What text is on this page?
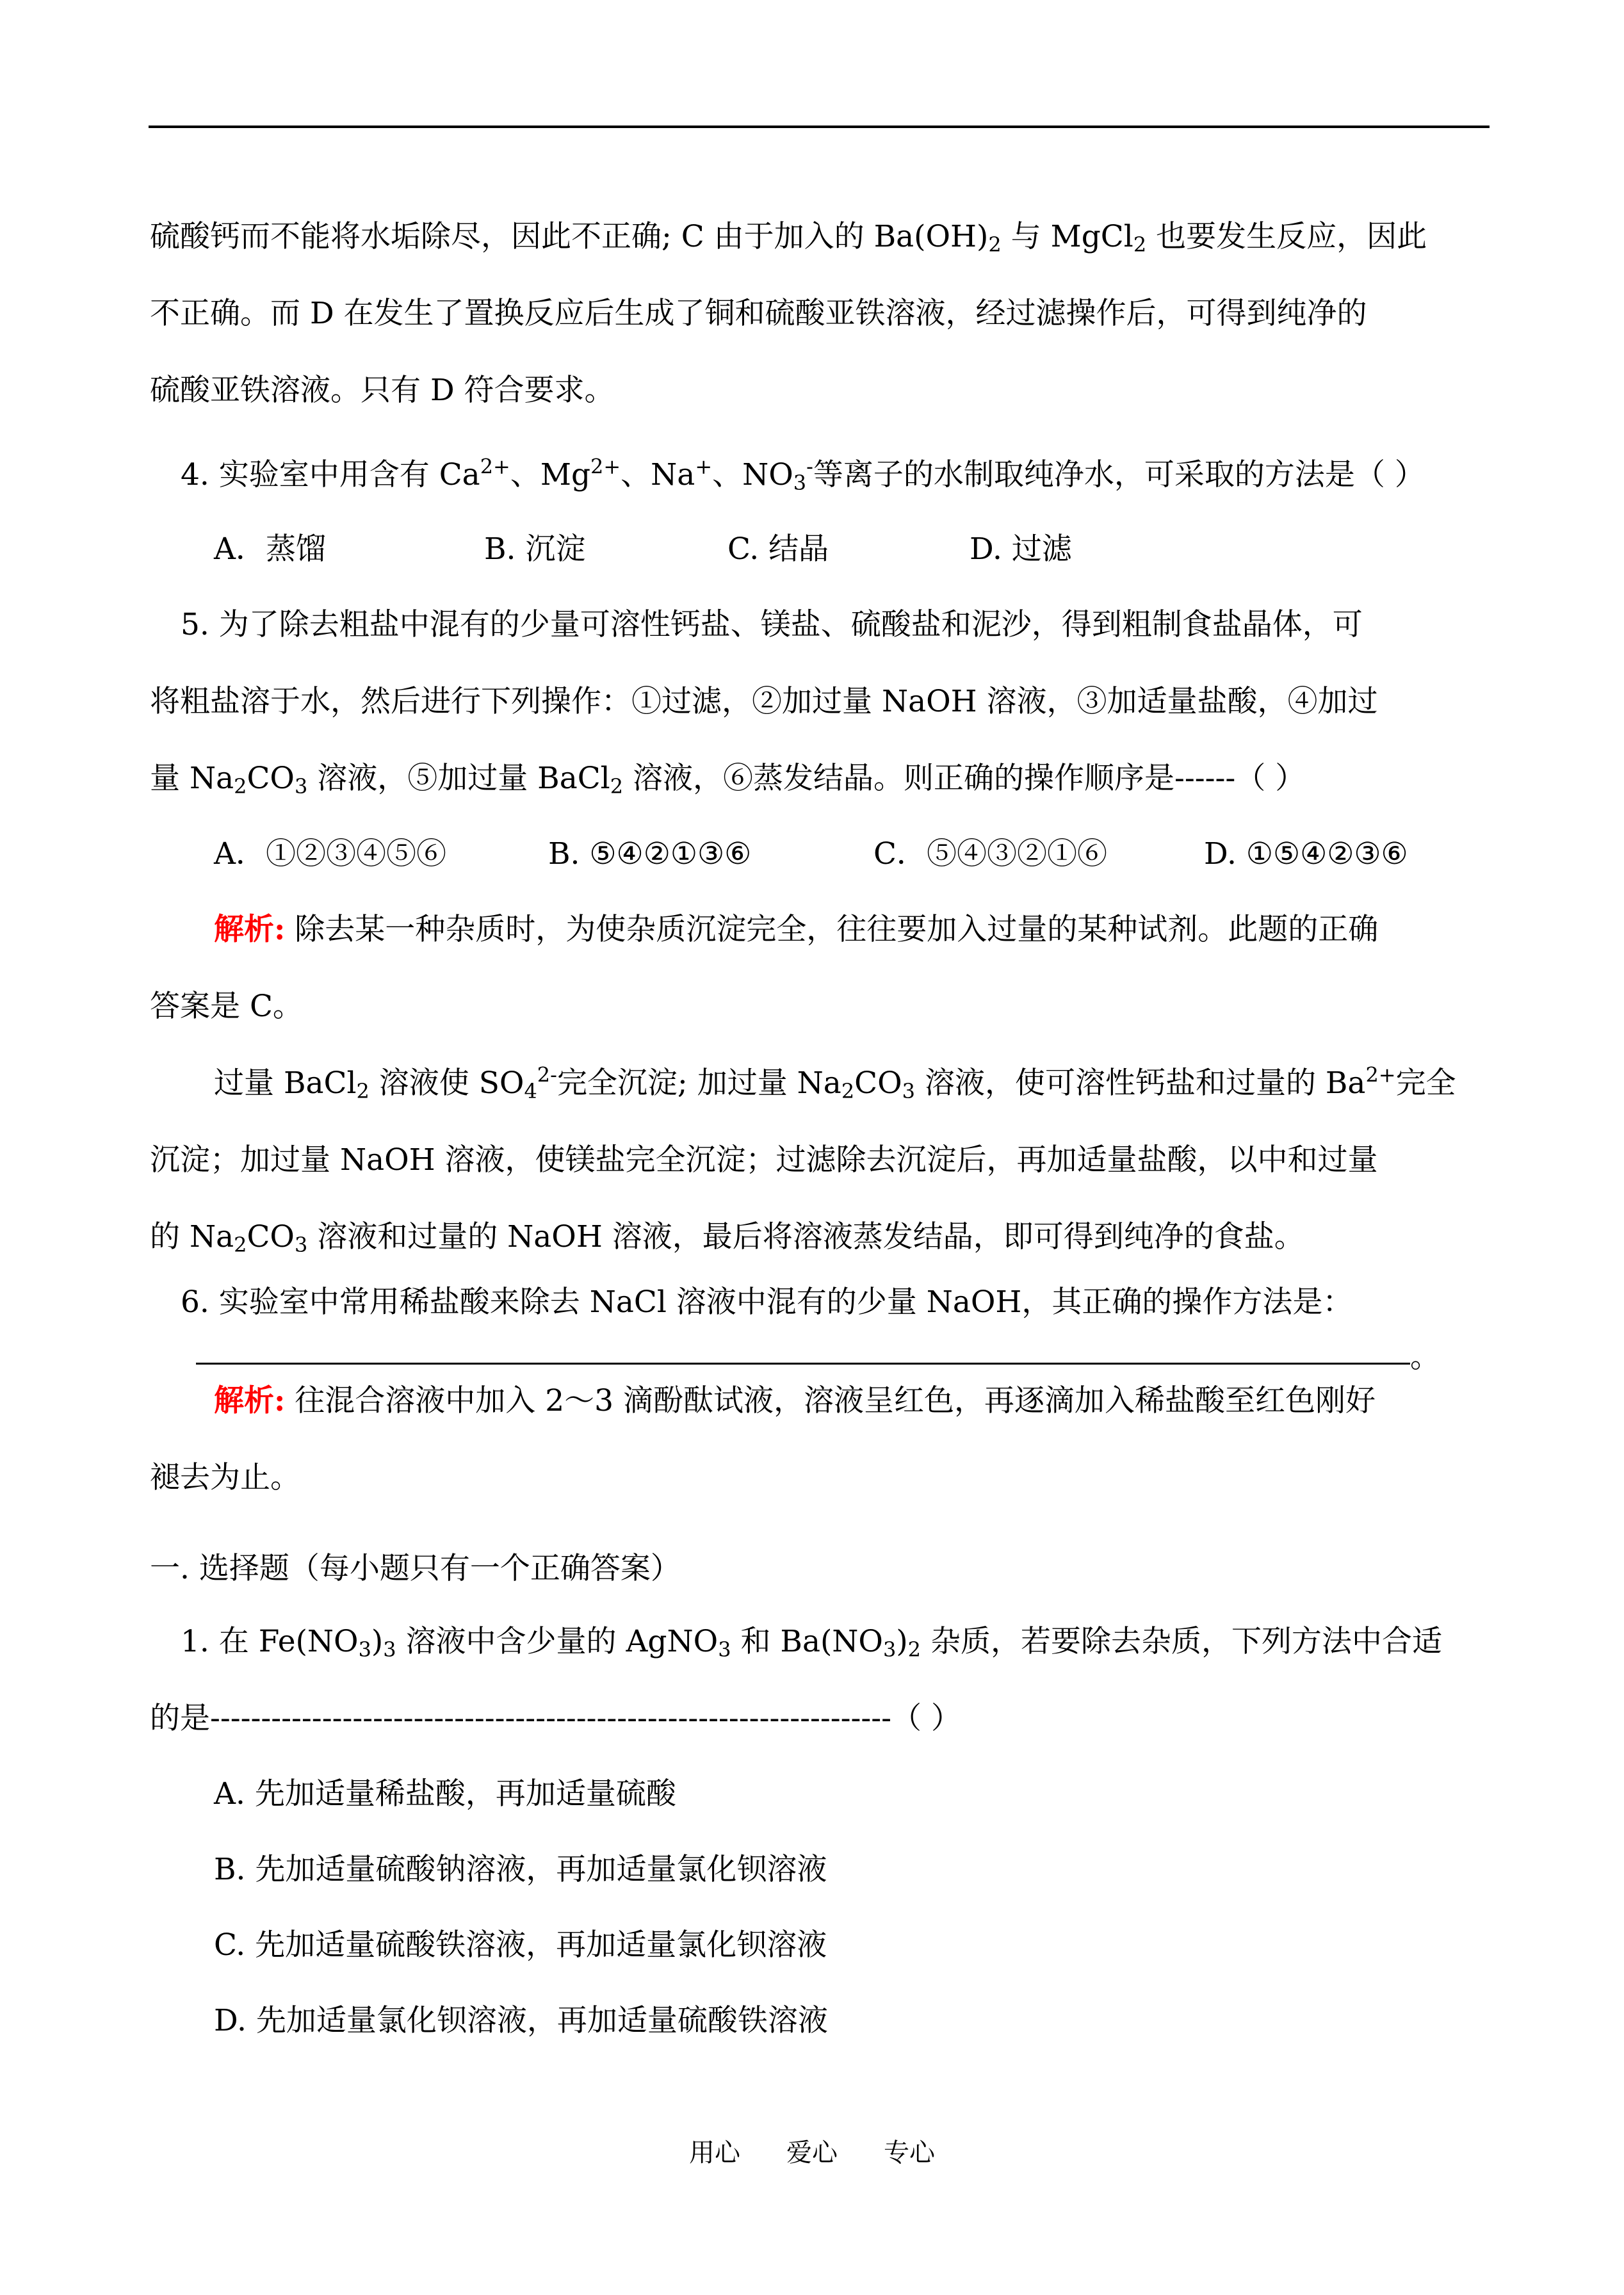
硫酸钙而不能将水垢除尽，因此不正确; C 由于加入的 $Ba(OH)_2$ 与 MgCl$_2$ 也要发生反应，因此
不正确。而 D 在发生了置换反应后生成了铜和硫酸亚铁溶液，经过滤操作后，可得到纯净的
硫酸亚铁溶液。只有 D 符合要求。
4. 实验室中用含有 $Ca^{2+}$、$Mg^{2+}$、Na+、$NO_3^-$等离子的水制取纯净水，可采取的方法是（ ）
A．蒸馏	B. 沉淀	C. 结晶	D. 过滤
5. 为了除去粗盐中混有的少量可溶性钙盐、镁盐、硫酸盐和泥沙，得到粗制食盐晶体，可
将粗盐溶于水，然后进行下列操作：①过滤，②加过量 NaOH 溶液，③加适量盐酸，④加过
量 $Na_2CO_3$ 溶液，⑤加过量 BaCl$_2$ 溶液，⑥蒸发结晶。则正确的操作顺序是------（ ）
A．①②③④⑤⑥	B. ⑤④②①③⑥	C．⑤④③②①⑥	D. ①⑤④②③⑥
解析: 除去某一种杂质时，为使杂质沉淀完全，往往要加入过量的某种试剂。此题的正确
答案是 C。
过量 BaCl$_2$ 溶液使 $SO_4^{2-}$完全沉淀; 加过量 $Na_2CO_3$ 溶液，使可溶性钙盐和过量的 $Ba^{2+}$完全
沉淀；加过量 NaOH 溶液，使镁盐完全沉淀；过滤除去沉淀后，再加适量盐酸，以中和过量
的 $Na_2CO_3$ 溶液和过量的 NaOH 溶液，最后将溶液蒸发结晶，即可得到纯净的食盐。
6. 实验室中常用稀盐酸来除去 NaCl 溶液中混有的少量 NaOH，其正确的操作方法是：
。
解析: 往混合溶液中加入 2～3 滴酚酞试液，溶液呈红色，再逐滴加入稀盐酸至红色刚好
褪去为止。
一. 选择题（每小题只有一个正确答案）
1. 在 $Fe(NO_3)_3$ 溶液中含少量的 AgNO$_3$ 和 $Ba(NO_3)_2$ 杂质，若要除去杂质，下列方法中合适
的是-------------------------------------------------------------------（ ）
A. 先加适量稀盐酸，再加适量硫酸
B. 先加适量硫酸钠溶液，再加适量氯化钡溶液
C. 先加适量硫酸铁溶液，再加适量氯化钡溶液
D. 先加适量氯化钡溶液，再加适量硫酸铁溶液
用心 爱心 专心
